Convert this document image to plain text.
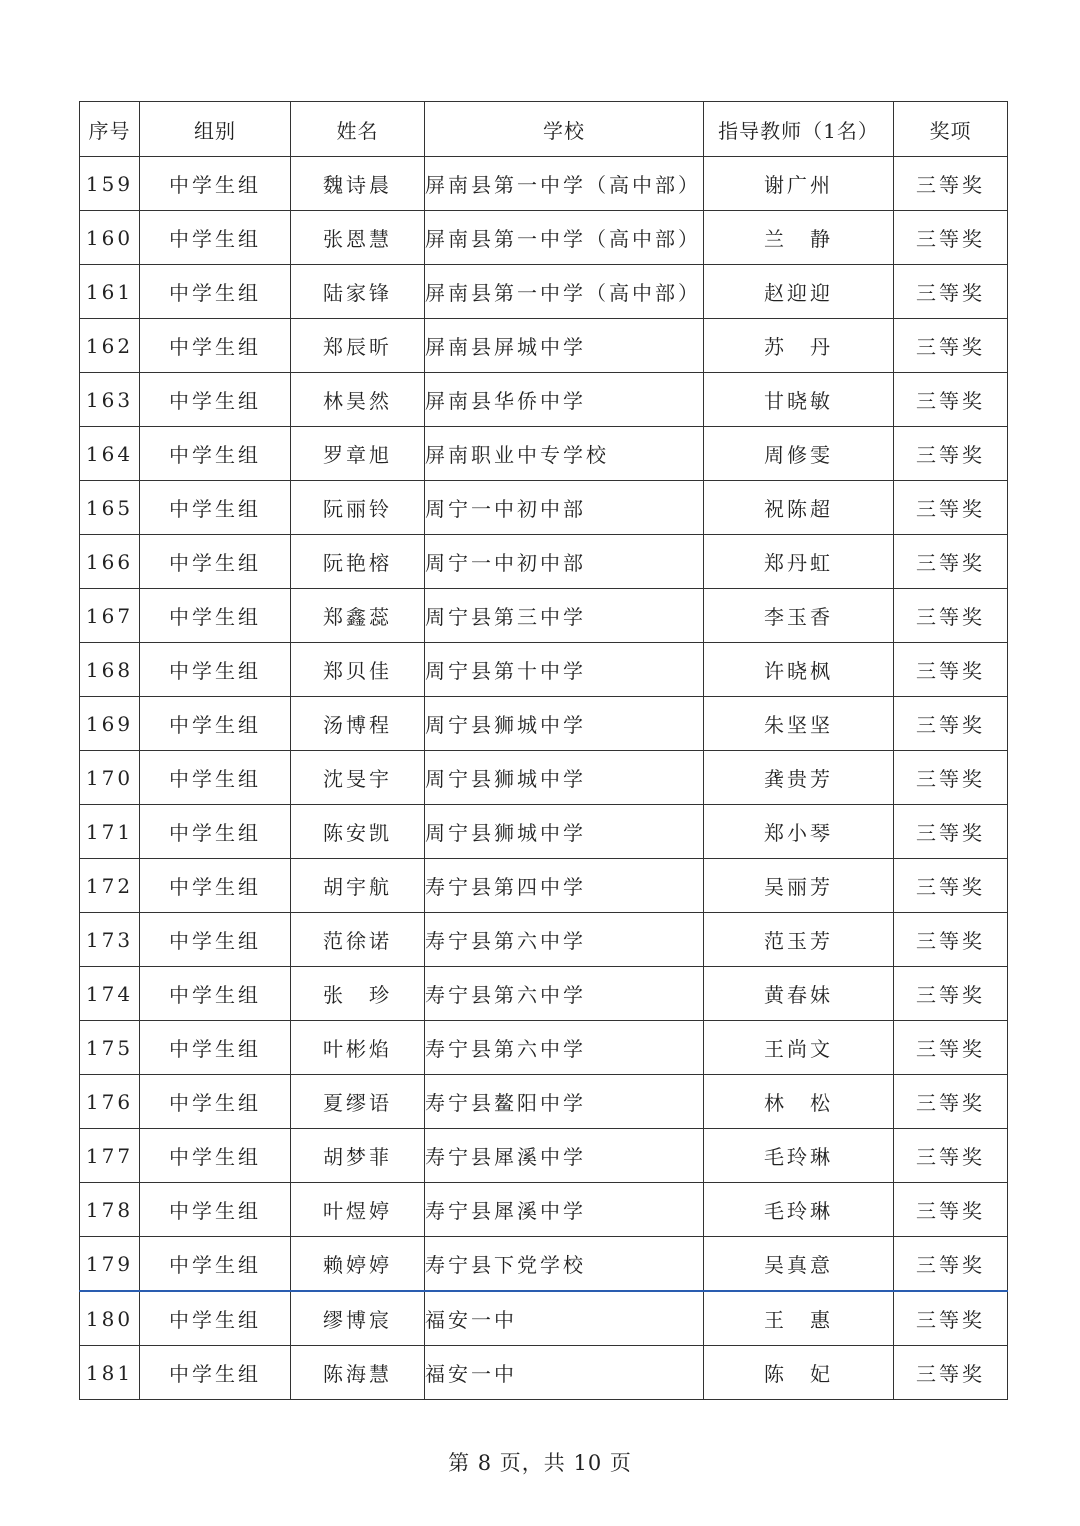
序号	组别	姓名	学校	指导教师（1名）	奖项
159	中学生组	魏诗晨	屏南县第一中学（高中部）	谢广州	三等奖
160	中学生组	张恩慧	屏南县第一中学（高中部）	兰　静	三等奖
161	中学生组	陆家锋	屏南县第一中学（高中部）	赵迎迎	三等奖
162	中学生组	郑辰昕	屏南县屏城中学	苏　丹	三等奖
163	中学生组	林昊然	屏南县华侨中学	甘晓敏	三等奖
164	中学生组	罗章旭	屏南职业中专学校	周修雯	三等奖
165	中学生组	阮丽铃	周宁一中初中部	祝陈超	三等奖
166	中学生组	阮艳榕	周宁一中初中部	郑丹虹	三等奖
167	中学生组	郑鑫蕊	周宁县第三中学	李玉香	三等奖
168	中学生组	郑贝佳	周宁县第十中学	许晓枫	三等奖
169	中学生组	汤博程	周宁县狮城中学	朱坚坚	三等奖
170	中学生组	沈旻宇	周宁县狮城中学	龚贵芳	三等奖
171	中学生组	陈安凯	周宁县狮城中学	郑小琴	三等奖
172	中学生组	胡宇航	寿宁县第四中学	吴丽芳	三等奖
173	中学生组	范徐诺	寿宁县第六中学	范玉芳	三等奖
174	中学生组	张　珍	寿宁县第六中学	黄春妹	三等奖
175	中学生组	叶彬焰	寿宁县第六中学	王尚文	三等奖
176	中学生组	夏缪语	寿宁县鳌阳中学	林　松	三等奖
177	中学生组	胡梦菲	寿宁县犀溪中学	毛玲琳	三等奖
178	中学生组	叶煜婷	寿宁县犀溪中学	毛玲琳	三等奖
179	中学生组	赖婷婷	寿宁县下党学校	吴真意	三等奖
180	中学生组	缪博宸	福安一中	王　惠	三等奖
181	中学生组	陈海慧	福安一中	陈　妃	三等奖
第 8 页，共 10 页
